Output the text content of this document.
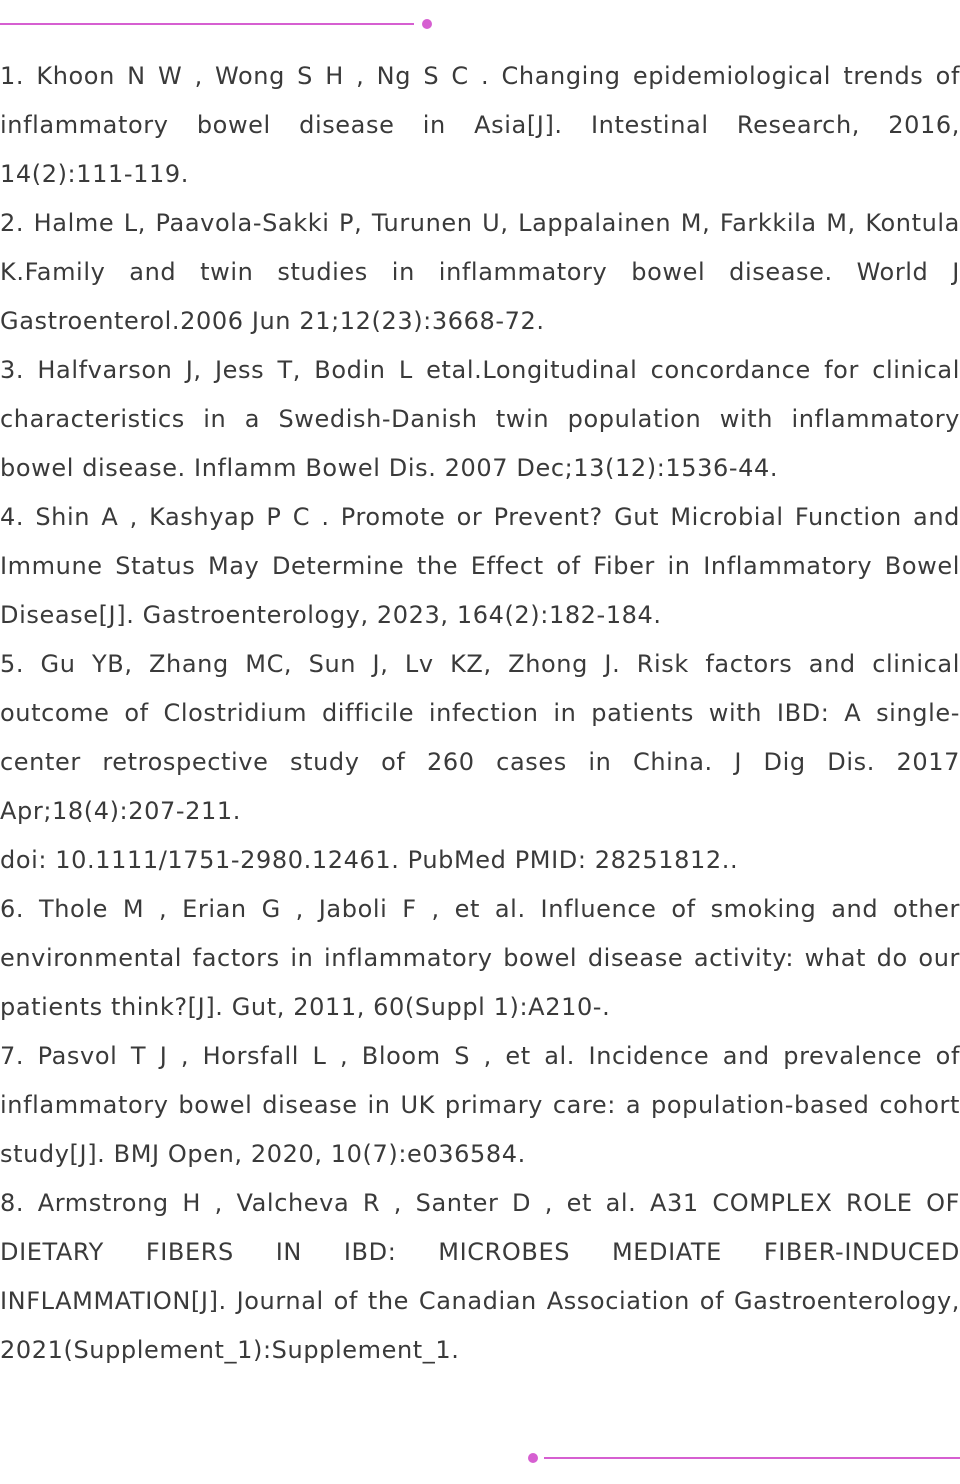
1. Khoon N W , Wong S H , Ng S C . Changing epidemiological trends of inflammatory bowel disease in Asia[J]. Intestinal Research, 2016, 14(2):111-119.
2. Halme L, Paavola-Sakki P, Turunen U, Lappalainen M, Farkkila M, Kontula K.Family and twin studies in inflammatory bowel disease. World J Gastroenterol.2006 Jun 21;12(23):3668-72.
3. Halfvarson J, Jess T, Bodin L etal.Longitudinal concordance for clinical characteristics in a Swedish-Danish twin population with inflammatory bowel disease. Inflamm Bowel Dis. 2007 Dec;13(12):1536-44.
4. Shin A , Kashyap P C . Promote or Prevent? Gut Microbial Function and Immune Status May Determine the Effect of Fiber in Inflammatory Bowel Disease[J]. Gastroenterology, 2023, 164(2):182-184.
5. Gu YB, Zhang MC, Sun J, Lv KZ, Zhong J. Risk factors and clinical outcome of Clostridium difficile infection in patients with IBD: A single-center retrospective study of 260 cases in China. J Dig Dis. 2017 Apr;18(4):207-211.
doi: 10.1111/1751-2980.12461. PubMed PMID: 28251812..
6. Thole M , Erian G , Jaboli F , et al. Influence of smoking and other environmental factors in inflammatory bowel disease activity: what do our patients think?[J]. Gut, 2011, 60(Suppl 1):A210-.
7. Pasvol T J , Horsfall L , Bloom S , et al. Incidence and prevalence of inflammatory bowel disease in UK primary care: a population-based cohort study[J]. BMJ Open, 2020, 10(7):e036584.
8. Armstrong H , Valcheva R , Santer D , et al. A31 COMPLEX ROLE OF DIETARY FIBERS IN IBD: MICROBES MEDIATE FIBER-INDUCED INFLAMMATION[J]. Journal of the Canadian Association of Gastroenterology, 2021(Supplement_1):Supplement_1.
